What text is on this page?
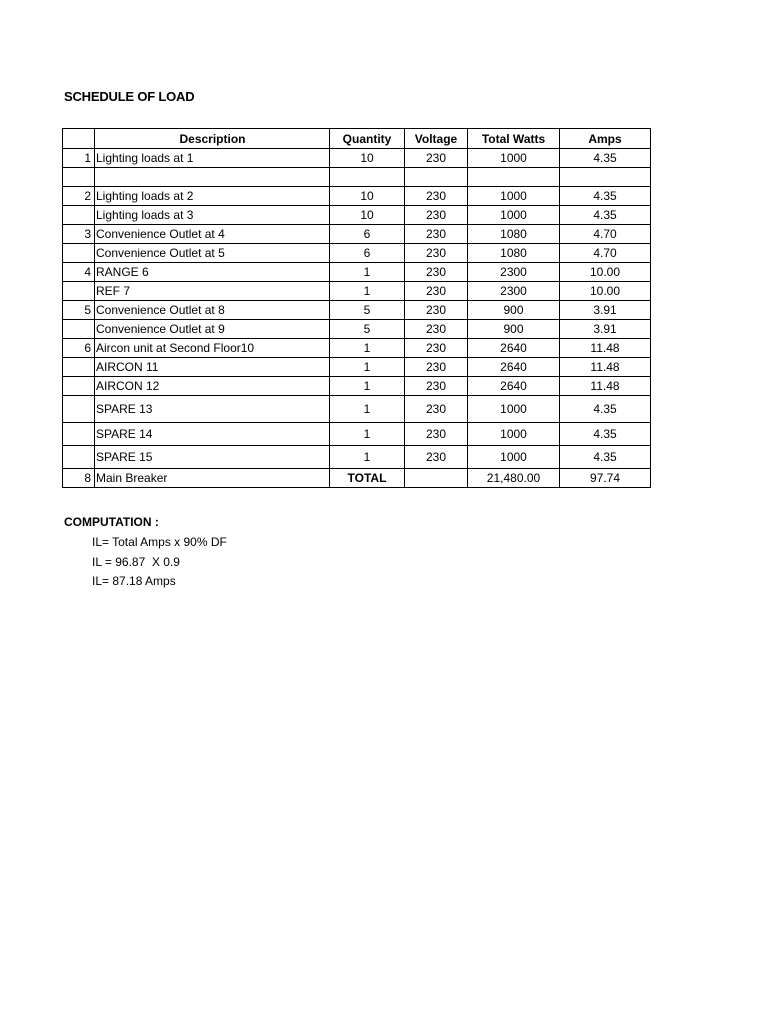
SCHEDULE OF LOAD
	Description	Quantity	Voltage	Total Watts	Amps
1	Lighting loads at 1	10	230	1000	4.35

2	Lighting loads at 2	10	230	1000	4.35
	Lighting loads at 3	10	230	1000	4.35
3	Convenience Outlet at 4	6	230	1080	4.70
	Convenience Outlet at 5	6	230	1080	4.70
4	RANGE 6	1	230	2300	10.00
	REF 7	1	230	2300	10.00
5	Convenience Outlet at 8	5	230	900	3.91
	Convenience Outlet at 9	5	230	900	3.91
6	Aircon unit at Second Floor10	1	230	2640	11.48
	AIRCON 11	1	230	2640	11.48
	AIRCON 12	1	230	2640	11.48
	SPARE 13	1	230	1000	4.35
	SPARE 14	1	230	1000	4.35
	SPARE 15	1	230	1000	4.35
8	Main Breaker	TOTAL		21,480.00	97.74
COMPUTATION :
IL= Total Amps x 90% DF
IL = 96.87  X 0.9
IL= 87.18 Amps
